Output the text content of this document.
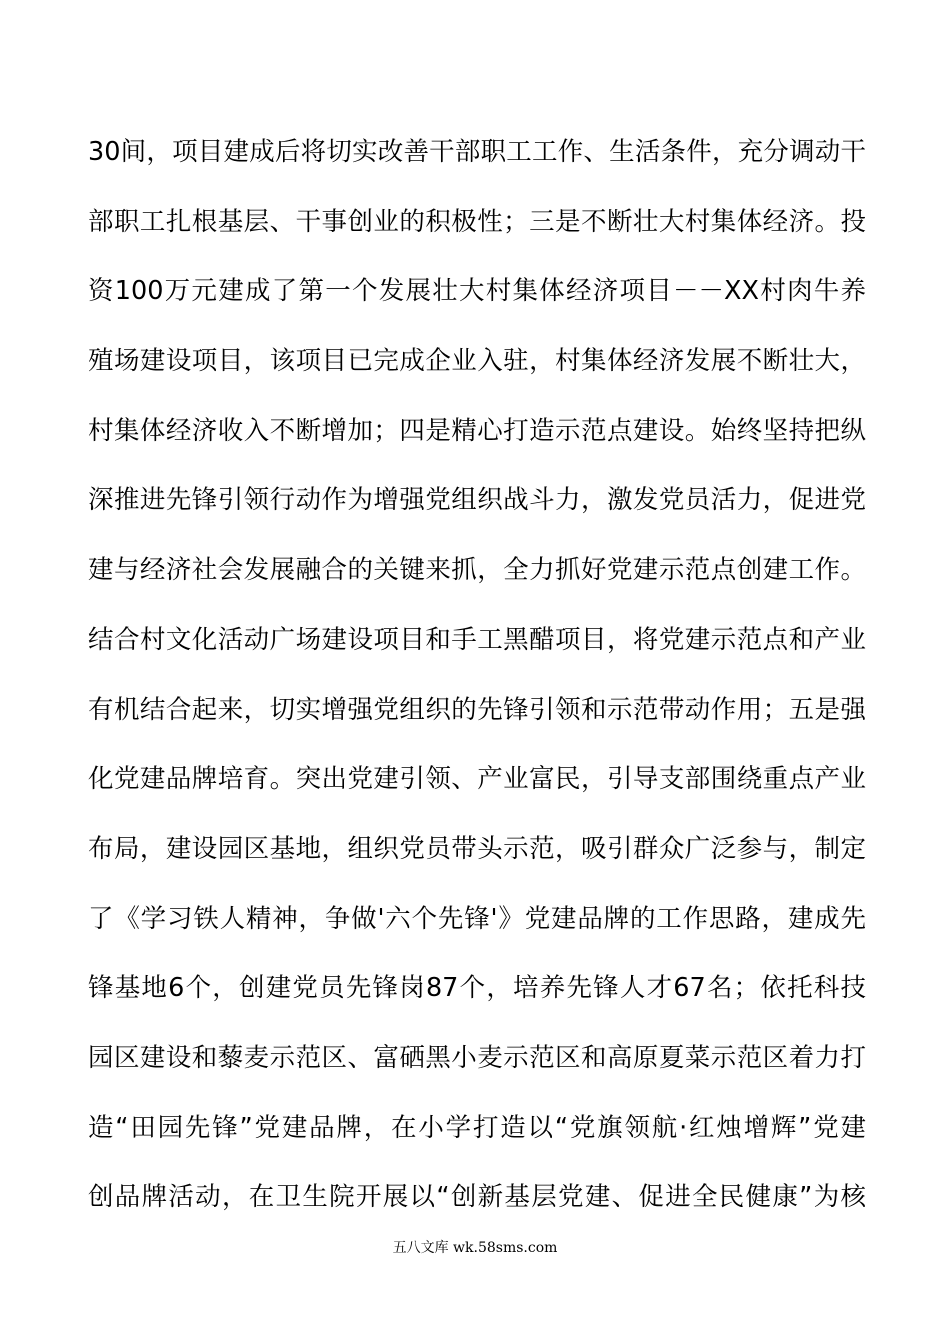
30间，项目建成后将切实改善干部职工工作、生活条件，充分调动干
部职工扎根基层、干事创业的积极性；三是不断壮大村集体经济。投
资100万元建成了第一个发展壮大村集体经济项目－－XX村肉牛养
殖场建设项目，该项目已完成企业入驻，村集体经济发展不断壮大，
村集体经济收入不断增加；四是精心打造示范点建设。始终坚持把纵
深推进先锋引领行动作为增强党组织战斗力，激发党员活力，促进党
建与经济社会发展融合的关键来抓，全力抓好党建示范点创建工作。
结合村文化活动广场建设项目和手工黑醋项目，将党建示范点和产业
有机结合起来，切实增强党组织的先锋引领和示范带动作用；五是强
化党建品牌培育。突出党建引领、产业富民，引导支部围绕重点产业
布局，建设园区基地，组织党员带头示范，吸引群众广泛参与，制定
了《学习铁人精神，争做'六个先锋'》党建品牌的工作思路，建成先
锋基地6个，创建党员先锋岗87个，培养先锋人才67名；依托科技
园区建设和藜麦示范区、富硒黑小麦示范区和高原夏菜示范区着力打
造“田园先锋”党建品牌，在小学打造以“党旗领航·红烛增辉”党建
创品牌活动，在卫生院开展以“创新基层党建、促进全民健康”为核
五八文库 wk.58sms.com
